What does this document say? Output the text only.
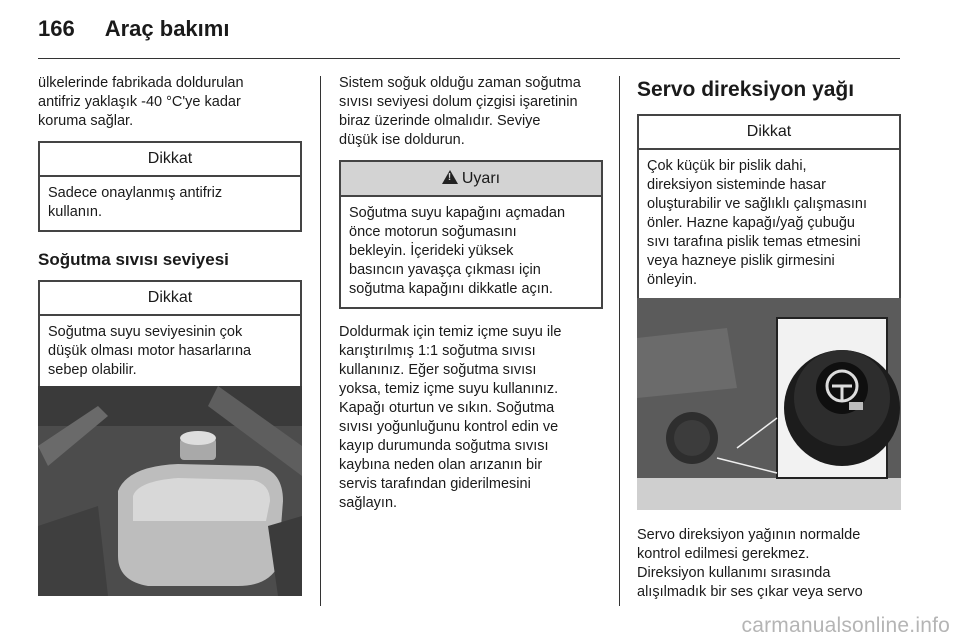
166 Araç bakımı

ülkelerinde fabrikada doldurulan
antifriz yaklaşık -40 °C'ye kadar
koruma sağlar.

Dikkat
Sadece onaylanmış antifriz
kullanın.
Soğutma sıvısı seviyesi
Dikkat
Soğutma suyu seviyesinin çok
düşük olması motor hasarlarına
sebep olabilir.

Sistem soğuk olduğu zaman soğutma
sıvısı seviyesi dolum çizgisi işaretinin
biraz üzerinde olmalıdır. Seviye
düşük ise doldurun.

!Uyarı
Soğutma suyu kapağını açmadan
önce motorun soğumasını
bekleyin. İçerideki yüksek
basıncın yavaşça çıkması için
soğutma kapağını dikkatle açın.

Doldurmak için temiz içme suyu ile
karıştırılmış 1:1 soğutma sıvısı
kullanınız. Eğer soğutma sıvısı
yoksa, temiz içme suyu kullanınız.
Kapağı oturtun ve sıkın. Soğutma
sıvısı yoğunluğunu kontrol edin ve
kayıp durumunda soğutma sıvısı
kaybına neden olan arızanın bir
servis tarafından giderilmesini
sağlayın.

Servo direksiyon yağı
Dikkat
Çok küçük bir pislik dahi,
direksiyon sisteminde hasar
oluşturabilir ve sağlıklı çalışmasını
önler. Hazne kapağı/yağ çubuğu
sıvı tarafına pislik temas etmesini
veya hazneye pislik girmesini
önleyin.

Servo direksiyon yağının normalde
kontrol edilmesi gerekmez.
Direksiyon kullanımı sırasında
alışılmadık bir ses çıkar veya servo

carmanualsonline.info
